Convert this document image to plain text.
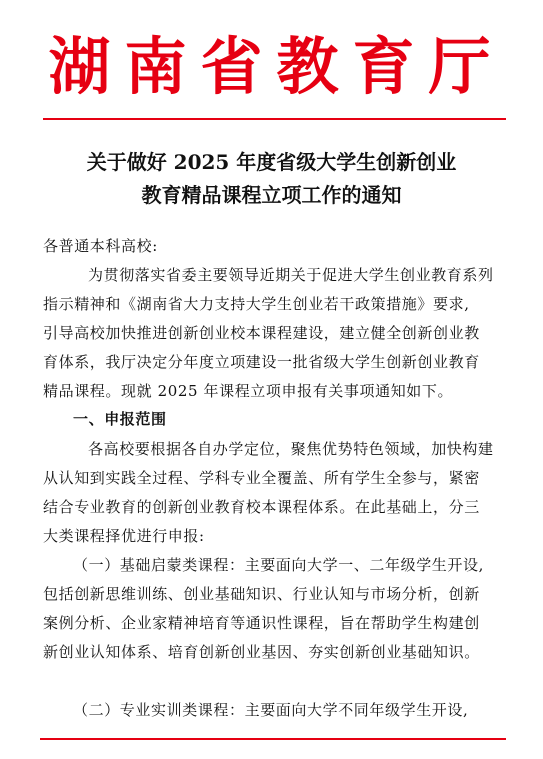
湖南省教育厅
关于做好 2025 年度省级大学生创新创业
教育精品课程立项工作的通知
各普通本科高校:
为贯彻落实省委主要领导近期关于促进大学生创业教育系列
指示精神和《湖南省大力支持大学生创业若干政策措施》要求,
引导高校加快推进创新创业校本课程建设，建立健全创新创业教
育体系，我厅决定分年度立项建设一批省级大学生创新创业教育
精品课程。现就 2025 年课程立项申报有关事项通知如下。
一、申报范围
各高校要根据各自办学定位，聚焦优势特色领域，加快构建
从认知到实践全过程、学科专业全覆盖、所有学生全参与，紧密
结合专业教育的创新创业教育校本课程体系。在此基础上，分三
大类课程择优进行申报:
（一）基础启蒙类课程：主要面向大学一、二年级学生开设,
包括创新思维训练、创业基础知识、行业认知与市场分析，创新
案例分析、企业家精神培育等通识性课程，旨在帮助学生构建创
新创业认知体系、培育创新创业基因、夯实创新创业基础知识。
（二）专业实训类课程：主要面向大学不同年级学生开设,
